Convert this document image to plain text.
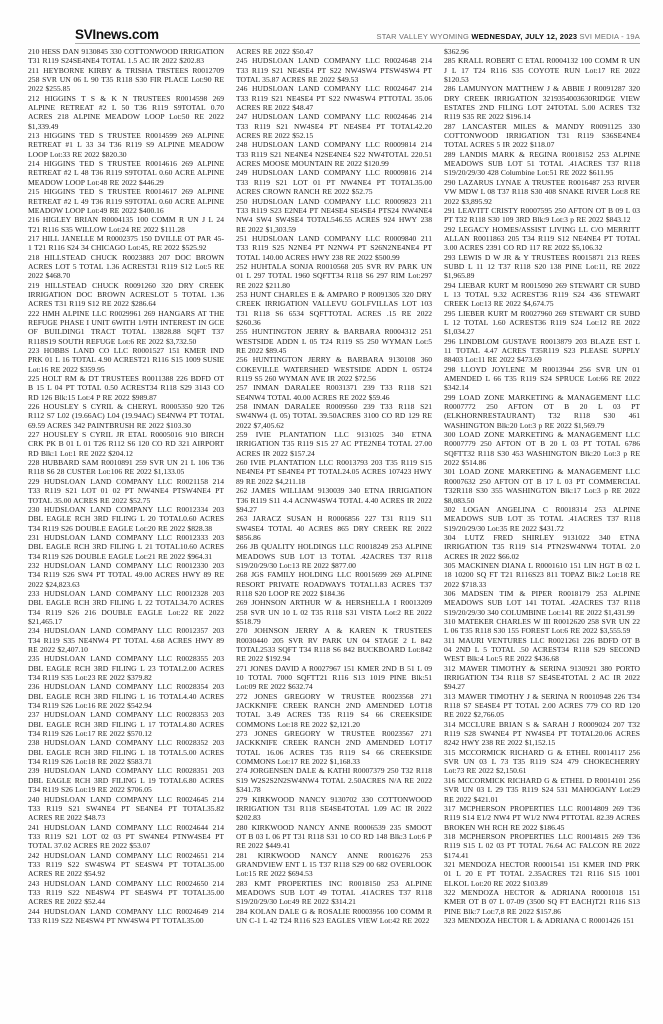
SVInews.com	STAR VALLEY WYOMING WEDNESDAY, JULY 12, 2023 SVI MEDIA - 19A

210 HESS DAN 9130845 330 COTTONWOOD IRRIGATION T31 R119 S24SE4NE4 TOTAL 1.5 AC IR 2022 $202.83

211 HEYBORNE KIRBY & TRISHA TRSTEES R0012709 258 SVR UN 06 L 90 T35 R118 S30 FIR PLACE Lot:90 RE 2022 $255.85

212 HIGGINS T S & K N TRUSTEES R0014598 269 ALPINE RETREAT #2 L 50 T36 R119 S9TOTAL 0.70 ACRES 218 ALPINE MEADOW LOOP Lot:50 RE 2022 $1,339.49

213 HIGGINS TED S TRUSTEE R0014599 269 ALPINE RETREAT #1 L 33 34 T36 R119 S9 ALPINE MEADOW LOOP Lot:33 RE 2022 $820.30

214 HIGGINS TED S TRUSTEE R0014616 269 ALPINE RETREAT #2 L 48 T36 R119 S9TOTAL 0.60 ACRE ALPINE MEADOW LOOP Lot:48 RE 2022 $446.29

215 HIGGINS TED S TRUSTEE R0014617 269 ALPINE RETREAT #2 L 49 T36 R119 S9TOTAL 0.60 ACRE ALPINE MEADOW LOOP Lot:49 RE 2022 $400.16

216 HIGLEY BRIAN R0004135 100 COMM R UN J L 24 T21 R116 S35 WILLOW Lot:24 RE 2022 $111.28

217 HILL JANELLE M R0002375 150 DVILLE OT PAR 45-1 T21 R116 S24 34 CHICAGO Lot:45, RE 2022 $525.92

218 HILLSTEAD CHUCK R0023883 207 DOC BROWN ACRES LOT 5 TOTAL 1.36 ACREST31 R119 S12 Lot:5 RE 2022 $468.70

219 HILLSTEAD CHUCK R0091260 320 DRY CREEK IRRIGATION DOC BROWN ACRESLOT 5 TOTAL 1.36 ACRES T31 R119 S12 RE 2022 $286.64

222 HMH ALPINE LLC R0029961 269 HANGARS AT THE REFUGE PHASE I UNIT 6WITH 1/9TH INTEREST IN GCE OF BUILDING1 TRACT TOTAL 13828.88 SQFT T37 R118S19 SOUTH REFUGE Lot:6 RE 2022 $3,732.50

223 HOBBS LAND CO LLC R0001527 151 KMER IND PRK 01 L 16 TOTAL 4.90 ACREST21 R116 S15 1009 SUSIE Lot:16 RE 2022 $359.95

225 HOLT RM & DT TRUSTEES R0011388 226 BDFD OT B 15 L 04 PT TOTAL 0.50 ACREST34 R118 S29 3143 CO RD 126 Blk:15 Lot:4 P RE 2022 $989.87

226 HOUSLEY S CYRIL & CHERYL R0005350 920 T26 R112 S7 L02 (19.66AC) L04 (19.94AC) SE4NW4 PT TOTAL 69.59 ACRES 342 PAINTBRUSH RE 2022 $103.30

227 HOUSLEY S CYRIL JR ETAL R0005016 910 BIRCH CRK PK B 01 L 01 T26 R112 S6 120 CO RD 321 AIRPORT RD Blk:1 Lot:1 RE 2022 $204.12

228 HUBBARD SAM R0010891 259 SVR UN 21 L 106 T36 R118 S6 28 CUSTER Lot:106 RE 2022 $1,133.05

229 HUDSLOAN LAND COMPANY LLC R0021158 214 T33 R119 S21 LOT 01 02 PT NW4NE4 PTSW4NE4 PT TOTAL 35.00 ACRES RE 2022 $52.75

230 HUDSLOAN LAND COMPANY LLC R0012334 203 DBL EAGLE RCH 3RD FILING L 20 TOTAL0.60 ACRES T34 R119 S26 DOUBLE EAGLE Lot:20 RE 2022 $828.38

231 HUDSLOAN LAND COMPANY LLC R0012333 203 DBL EAGLE RCH 3RD FILING L 21 TOTAL10.60 ACRES T34 R119 S26 DOUBLE EAGLE Lot:21 RE 2022 $964.31

232 HUDSLOAN LAND COMPANY LLC R0012330 203 T34 R119 S26 SW4 PT TOTAL 49.00 ACRES HWY 89 RE 2022 $24,823.63

233 HUDSLOAN LAND COMPANY LLC R0012328 203 DBL EAGLE RCH 3RD FILING L 22 TOTAL34.70 ACRES T34 R119 S26 216 DOUBLE EAGLE Lot:22 RE 2022 $21,465.17

234 HUDSLOAN LAND COMPANY LLC R0012357 203 T34 R119 S35 NE4NW4 PT TOTAL 4.68 ACRES HWY 89 RE 2022 $2,407.10

235 HUDSLOAN LAND COMPANY LLC R0028355 203 DBL EAGLE RCH 3RD FILING L 23 TOTAL2.00 ACRES T34 R119 S35 Lot:23 RE 2022 $379.82

236 HUDSLOAN LAND COMPANY LLC R0028354 203 DBL EAGLE RCH 3RD FILING L 16 TOTAL4.40 ACRES T34 R119 S26 Lot:16 RE 2022 $542.94

237 HUDSLOAN LAND COMPANY LLC R0028353 203 DBL EAGLE RCH 3RD FILING L 17 TOTAL4.80 ACRES T34 R119 S26 Lot:17 RE 2022 $570.12

238 HUDSLOAN LAND COMPANY LLC R0028352 203 DBL EAGLE RCH 3RD FILING L 18 TOTAL5.00 ACRES T34 R119 S26 Lot:18 RE 2022 $583.71

239 HUDSLOAN LAND COMPANY LLC R0028351 203 DBL EAGLE RCH 3RD FILING L 19 TOTAL6.80 ACRES T34 R119 S26 Lot:19 RE 2022 $706.05

240 HUDSLOAN LAND COMPANY LLC R0024645 214 T33 R119 S21 SW4NE4 PT SE4NE4 PT TOTAL35.82 ACRES RE 2022 $48.73

241 HUDSLOAN LAND COMPANY LLC R0024644 214 T33 R119 S21 LOT 02 03 PT SW4NE4 PTNW4SE4 PT TOTAL 37.02 ACRES RE 2022 $53.07

242 HUDSLOAN LAND COMPANY LLC R0024651 214 T33 R119 S22 SW4SW4 PT SE4SW4 PT TOTAL35.00 ACRES RE 2022 $54.92

243 HUDSLOAN LAND COMPANY LLC R0024650 214 T33 R119 S22 NE4SW4 PT SE4SW4 PT TOTAL35.00 ACRES RE 2022 $52.44

244 HUDSLOAN LAND COMPANY LLC R0024649 214 T33 R119 S22 NE4SW4 PT NW4SW4 PT TOTAL35.00

ACRES RE 2022 $50.47

245 HUDSLOAN LAND COMPANY LLC R0024648 214 T33 R119 S21 NE4SE4 PT S22 NW4SW4 PTSW4SW4 PT TOTAL 35.87 ACRES RE 2022 $49.53

246 HUDSLOAN LAND COMPANY LLC R0024647 214 T33 R119 S21 NE4SE4 PT S22 NW4SW4 PTTOTAL 35.06 ACRES RE 2022 $48.47

247 HUDSLOAN LAND COMPANY LLC R0024646 214 T33 R119 S21 NW4SE4 PT NE4SE4 PT TOTAL42.20 ACRES RE 2022 $52.15

248 HUDSLOAN LAND COMPANY LLC R0009814 214 T33 R119 S21 NE4NE4 N2SE4NE4 S22 NW4TOTAL 220.51 ACRES MOOSE MOUNTAIN RE 2022 $120.99

249 HUDSLOAN LAND COMPANY LLC R0009816 214 T33 R119 S21 LOT 01 PT NW4NE4 PT TOTAL35.00 ACRES CROWN RANCH RE 2022 $52.75

250 HUDSLOAN LAND COMPANY LLC R0009823 211 T33 R119 S23 E2NE4 PT NE4SE4 SE4SE4 PTS24 NW4NE4 NW4 SW4 SW4SE4 TOTAL546.55 ACRES 924 HWY 238 RE 2022 $1,303.59

251 HUDSLOAN LAND COMPANY LLC R0009840 211 T33 R119 S25 N2NE4 PT N2NW4 PT S26N2NE4NE4 PT TOTAL 140.00 ACRES HWY 238 RE 2022 $500.99

252 HUHTALA SONJA R0010568 205 SVR RV PARK UN 01 L 297 TOTAL 1960 SQFTT34 R118 S6 297 RIM Lot:297 RE 2022 $211.80

253 HUNT CHARLES E & AMPARO P R0091305 320 DRY CREEK IRRIGATION VALLEVU GOLFVILLAS LOT 103 T31 R118 S6 6534 SQFTTOTAL ACRES .15 RE 2022 $260.36

255 HUNTINGTON JERRY & BARBARA R0004312 251 WESTSIDE ADDN L 05 T24 R119 S5 250 WYMAN Lot:5 RE 2022 $89.45

256 HUNTINGTON JERRY & BARBARA 9130108 360 COKEVILLE WATERSHED WESTSIDE ADDN L 05T24 R119 S5 260 WYMAN AVE IR 2022 $72.56

257 INMAN DARALEE R0031371 239 T33 R118 S21 SE4NW4 TOTAL 40.00 ACRES RE 2022 $59.46

258 INMAN DARALEE R0009560 239 T33 R118 S21 SW4NW4 (L 05) TOTAL 39.50ACRES 3100 CO RD 129 RE 2022 $7,405.62

259 IVIE PLANTATION LLC 9131025 340 ETNA IRRIGATION T35 R119 S15 27 AC PTE2NE4 TOTAL 27.00 ACRES IR 2022 $157.24

260 IVIE PLANTATION LLC R0013793 203 T35 R119 S15 NE4NE4 PT SE4NE4 PT TOTAL24.05 ACRES 107423 HWY 89 RE 2022 $4,211.18

262 JAMES WILLIAM 9130039 340 ETNA IRRIGATION T36 R119 S11 4.4 ACNW4SW4 TOTAL 4.40 ACRES IR 2022 $94.27

263 JARACZ SUSAN H R0006856 227 T31 R119 S11 SW4SE4 TOTAL 40 ACRES 865 DRY CREEK RE 2022 $856.86

266 JB QUALITY HOLDINGS LLC R0018249 253 ALPINE MEADOWS SUB LOT 13 TOTAL .42ACRES T37 R118 S19/20/29/30 Lot:13 RE 2022 $877.00

268 JGS FAMILY HOLDING LLC R0015699 269 ALPINE RESORT PRIVATE ROADWAYS TOTAL1.83 ACRES T37 R118 S20 LOOP RE 2022 $184.36

269 JOHNSON ARTHUR W & HERSHELLA I R0013209 258 SVR UN 10 L 02 T35 R118 S31 VISTA Lot:2 RE 2022 $518.79

270 JOHNSON JERRY A & KAREN K TRUSTEES R0030440 205 SVR RV PARK UN 04 STAGE 2 L 842 TOTAL2533 SQFT T34 R118 S6 842 BUCKBOARD Lot:842 RE 2022 $192.94

271 JONES DAVID A R0027967 151 KMER 2ND B 51 L 09 10 TOTAL 7000 SQFTT21 R116 S13 1019 PINE Blk:51 Lot:09 RE 2022 $632.74

272 JONES GREGORY W TRUSTEE R0023568 271 JACKKNIFE CREEK RANCH 2ND AMENDED LOT18 TOTAL 3.49 ACRES T35 R119 S4 66 CREEKSIDE COMMONS Lot:18 RE 2022 $2,121.20

273 JONES GREGORY W TRUSTEE R0023567 271 JACKKNIFE CREEK RANCH 2ND AMENDED LOT17 TOTAL 16.06 ACRES T35 R119 S4 66 CREEKSIDE COMMONS Lot:17 RE 2022 $1,168.33

274 JORGENSEN DALE & KATHI R0007379 250 T32 R118 S19 W2S2S2N2SW4NW4 TOTAL 2.50ACRES N/A RE 2022 $341.78

279 KIRKWOOD NANCY 9130702 330 COTTONWOOD IRRIGATION T31 R118 SE4SE4TOTAL 1.09 AC IR 2022 $202.83

280 KIRKWOOD NANCY ANNE R0006539 235 SMOOT OT B 03 L 06 PT T31 R118 S31 10 CO RD 148 Blk:3 Lot:6 P RE 2022 $449.41

281 KIRKWOOD NANCY ANNE R0016276 253 GRANDVIEW ENT L 15 T37 R118 S29 00 682 OVERLOOK Lot:15 RE 2022 $694.53

283 KMT PROPERTIES INC R0018150 253 ALPINE MEADOWS SUB LOT 49 TOTAL .41ACRES T37 R118 S19/20/29/30 Lot:49 RE 2022 $314.21

284 KOLAN DALE G & ROSALIE R0003956 100 COMM R UN C-1 L 42 T24 R116 S23 EAGLES VIEW Lot:42 RE 2022

$362.96

285 KRALL ROBERT C ETAL R0004132 100 COMM R UN J L 17 T24 R116 S35 COYOTE RUN Lot:17 RE 2022 $120.53

286 LAMUNYON MATTHEW J & ABBIE J R0091287 320 DRY CREEK IRRIGATION 3219354003630RIDGE VIEW ESTATES 2ND FILING LOT 24TOTAL 5.00 ACRES T32 R119 S35 RE 2022 $196.14

287 LANCASTER MILES & MANDY R0091125 330 COTTONWOOD IRRIGATION T31 R119 S36SE4NE4 TOTAL ACRES 5 IR 2022 $118.07

289 LANDIS MARK & REGINA R0018152 253 ALPINE MEADOWS SUB LOT 51 TOTAL .41ACRES T37 R118 S19/20/29/30 428 Columbine Lot:51 RE 2022 $611.95

290 LAZARUS LYNAE A TRUSTEE R0016487 253 RIVER VW MDW L 08 T37 R118 S30 408 SNAKE RIVER Lot:8 RE 2022 $3,895.92

291 LEAVITT CRISTY R0007595 250 AFTON OT B 09 L 03 PT T32 R118 S30 109 3RD Blk:9 Lot:3 p RE 2022 $843.12

292 LEGACY HOMES/ASSIST LIVING LL C/O MERRITT ALLAN R0011863 205 T34 R119 S12 NE4NE4 PT TOTAL 3.00 ACRES 2391 CO RD 117 RE 2022 $5,106.32

293 LEWIS D W JR & Y TRUSTEES R0015871 213 REES SUBD L 11 12 T37 R118 S20 138 PINE Lot:11, RE 2022 $1,965.89

294 LIEBAR KURT M R0015090 269 STEWART CR SUBD L 13 TOTAL 9.32 ACREST36 R119 S24 436 STEWART CREEK Lot:13 RE 2022 $4,674.75

295 LIEBER KURT M R0027960 269 STEWART CR SUBD L 12 TOTAL 1.60 ACREST36 R119 S24 Lot:12 RE 2022 $1,034.27

296 LINDBLOM GUSTAVE R0013879 203 BLAZE EST L 11 TOTAL 4.47 ACRES T35R119 S23 PLEASE SUPPLY 88403 Lot:11 RE 2022 $473.69

298 LLOYD JOYLENE M R0013944 256 SVR UN 01 AMENDED L 66 T35 R119 S24 SPRUCE Lot:66 RE 2022 $342.14

299 LOAD ZONE MARKETING & MANAGEMENT LLC R0007772 250 AFTON OT B 20 L 03 PT (ELKHORNRESTAURANT) T32 R118 S30 461 WASHINGTON Blk:20 Lot:3 p RE 2022 $1,569.79

300 LOAD ZONE MARKETING & MANAGEMENT LLC R0007779 250 AFTON OT B 20 L 03 PT TOTAL 6786 SQFTT32 R118 S30 453 WASHINGTON Blk:20 Lot:3 p RE 2022 $514.86

301 LOAD ZONE MARKETING & MANAGEMENT LLC R0007632 250 AFTON OT B 17 L 03 PT COMMERCIAL T32R118 S30 355 WASHINGTON Blk:17 Lot:3 p RE 2022 $8,083.50

302 LOGAN ANGELINA C R0018314 253 ALPINE MEADOWS SUB LOT 35 TOTAL .41ACRES T37 R118 S19/20/29/30 Lot:35 RE 2022 $431.72

304 LUTZ FRED SHIRLEY 9131022 340 ETNA IRRIGATION T35 R119 S14 PTN2SW4NW4 TOTAL 2.0 ACRES IR 2022 $66.02

305 MACKINEN DIANA L R0001610 151 LIN HGT B 02 L 18 10200 SQ FT T21 R116S23 811 TOPAZ Blk:2 Lot:18 RE 2022 $718.33

306 MADSEN TIM & PIPER R0018179 253 ALPINE MEADOWS SUB LOT 141 TOTAL .42ACRES T37 R118 S19/20/29/30 340 COLUMBINE Lot:141 RE 2022 $1,431.99

310 MATEKER CHARLES W III R0012620 258 SVR UN 22 L 06 T35 R118 S30 155 FOREST Lot:6 RE 2022 $3,555.59

311 MAURI VENTURES LLC R0021261 226 BDFD OT B 04 2ND L 5 TOTAL .50 ACREST34 R118 S29 SECOND WEST Blk:4 Lot:5 RE 2022 $436.68

312 MAWER TIMOTHY & SERINA 9130921 380 PORTO IRRIGATION T34 R118 S7 SE4SE4TOTAL 2 AC IR 2022 $94.27

313 MAWER TIMOTHY J & SERINA N R0010948 226 T34 R118 S7 SE4SE4 PT TOTAL 2.00 ACRES 779 CO RD 120 RE 2022 $2,766.05

314 MCCLURE BRIAN S & SARAH J R0009024 207 T32 R119 S28 SW4NE4 PT NW4SE4 PT TOTAL20.06 ACRES 8242 HWY 238 RE 2022 $1,152.15

315 MCCORMICK RICHARD G & ETHEL R0014117 256 SVR UN 03 L 73 T35 R119 S24 479 CHOKECHERRY Lot:73 RE 2022 $2,150.61

316 MCCORMICK RICHARD G & ETHEL D R0014101 256 SVR UN 03 L 29 T35 R119 S24 531 MAHOGANY Lot:29 RE 2022 $421.01

317 MCPHERSON PROPERTIES LLC R0014809 269 T36 R119 S14 E1/2 NW4 PT W1/2 NW4 PTTOTAL 82.39 ACRES BROKEN WH RCH RE 2022 $186.45

318 MCPHERSON PROPERTIES LLC R0014815 269 T36 R119 S15 L 02 03 PT TOTAL 76.64 AC FALCON RE 2022 $174.41

321 MENDOZA HECTOR R0001541 151 KMER IND PRK 01 L 20 E PT TOTAL 2.35ACRES T21 R116 S15 1001 ELKOL Lot:20 RE 2022 $103.89

322 MENDOZA HECTOR & ADRIANA R0001018 151 KMER OT B 07 L 07-09 (3500 SQ FT EACH)T21 R116 S13 PINE Blk:7 Lot:7,8 RE 2022 $157.86

323 MENDOZA HECTOR L & ADRIANA C R0001426 151
